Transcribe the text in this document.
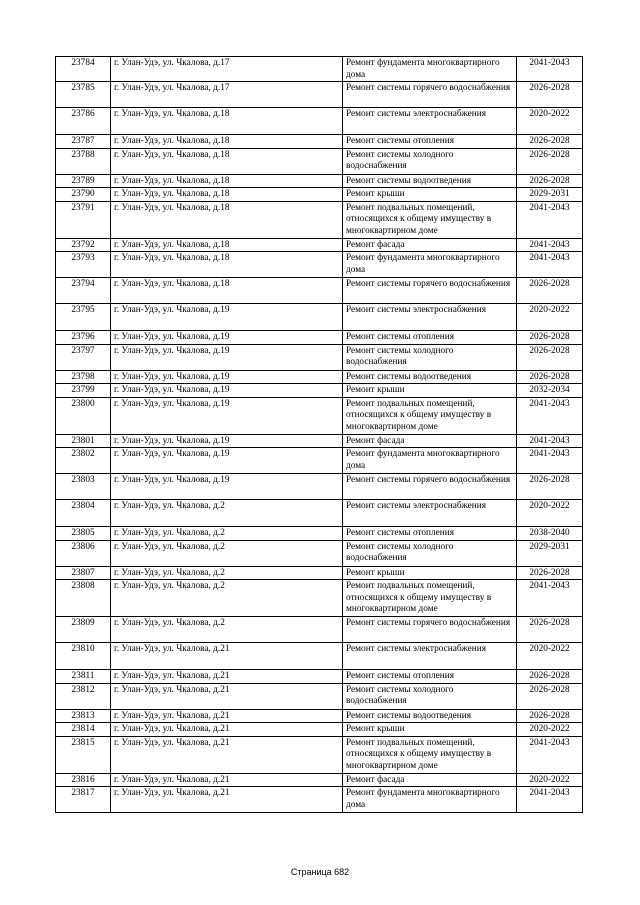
23784	г. Улан-Удэ, ул. Чкалова, д.17	Ремонт фундамента многоквартирного дома	2041-2043
23785	г. Улан-Удэ, ул. Чкалова, д.17	Ремонт системы горячего водоснабжения	2026-2028
23786	г. Улан-Удэ, ул. Чкалова, д.18	Ремонт системы электроснабжения	2020-2022
23787	г. Улан-Удэ, ул. Чкалова, д.18	Ремонт системы отопления	2026-2028
23788	г. Улан-Удэ, ул. Чкалова, д.18	Ремонт системы холодного водоснабжения	2026-2028
23789	г. Улан-Удэ, ул. Чкалова, д.18	Ремонт системы водоотведения	2026-2028
23790	г. Улан-Удэ, ул. Чкалова, д.18	Ремонт крыши	2029-2031
23791	г. Улан-Удэ, ул. Чкалова, д.18	Ремонт подвальных помещений, относящихся к общему имуществу в многоквартирном доме	2041-2043
23792	г. Улан-Удэ, ул. Чкалова, д.18	Ремонт фасада	2041-2043
23793	г. Улан-Удэ, ул. Чкалова, д.18	Ремонт фундамента многоквартирного дома	2041-2043
23794	г. Улан-Удэ, ул. Чкалова, д.18	Ремонт системы горячего водоснабжения	2026-2028
23795	г. Улан-Удэ, ул. Чкалова, д.19	Ремонт системы электроснабжения	2020-2022
23796	г. Улан-Удэ, ул. Чкалова, д.19	Ремонт системы отопления	2026-2028
23797	г. Улан-Удэ, ул. Чкалова, д.19	Ремонт системы холодного водоснабжения	2026-2028
23798	г. Улан-Удэ, ул. Чкалова, д.19	Ремонт системы водоотведения	2026-2028
23799	г. Улан-Удэ, ул. Чкалова, д.19	Ремонт крыши	2032-2034
23800	г. Улан-Удэ, ул. Чкалова, д.19	Ремонт подвальных помещений, относящихся к общему имуществу в многоквартирном доме	2041-2043
23801	г. Улан-Удэ, ул. Чкалова, д.19	Ремонт фасада	2041-2043
23802	г. Улан-Удэ, ул. Чкалова, д.19	Ремонт фундамента многоквартирного дома	2041-2043
23803	г. Улан-Удэ, ул. Чкалова, д.19	Ремонт системы горячего водоснабжения	2026-2028
23804	г. Улан-Удэ, ул. Чкалова, д.2	Ремонт системы электроснабжения	2020-2022
23805	г. Улан-Удэ, ул. Чкалова, д.2	Ремонт системы отопления	2038-2040
23806	г. Улан-Удэ, ул. Чкалова, д.2	Ремонт системы холодного водоснабжения	2029-2031
23807	г. Улан-Удэ, ул. Чкалова, д.2	Ремонт крыши	2026-2028
23808	г. Улан-Удэ, ул. Чкалова, д.2	Ремонт подвальных помещений, относящихся к общему имуществу в многоквартирном доме	2041-2043
23809	г. Улан-Удэ, ул. Чкалова, д.2	Ремонт системы горячего водоснабжения	2026-2028
23810	г. Улан-Удэ, ул. Чкалова, д.21	Ремонт системы электроснабжения	2020-2022
23811	г. Улан-Удэ, ул. Чкалова, д.21	Ремонт системы отопления	2026-2028
23812	г. Улан-Удэ, ул. Чкалова, д.21	Ремонт системы холодного водоснабжения	2026-2028
23813	г. Улан-Удэ, ул. Чкалова, д.21	Ремонт системы водоотведения	2026-2028
23814	г. Улан-Удэ, ул. Чкалова, д.21	Ремонт крыши	2020-2022
23815	г. Улан-Удэ, ул. Чкалова, д.21	Ремонт подвальных помещений, относящихся к общему имуществу в многоквартирном доме	2041-2043
23816	г. Улан-Удэ, ул. Чкалова, д.21	Ремонт фасада	2020-2022
23817	г. Улан-Удэ, ул. Чкалова, д.21	Ремонт фундамента многоквартирного дома	2041-2043
Страница 682
